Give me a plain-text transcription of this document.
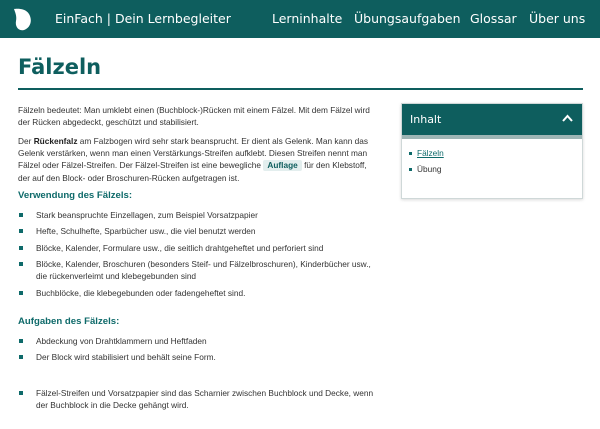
EinFach | Dein Lernbegleiter	Lerninhalte Übungsaufgaben Glossar Über uns
Fälzeln

Fälzeln bedeutet: Man umklebt einen (Buchblock-)Rücken mit einem Fälzel. Mit dem Fälzel wird der Rücken abgedeckt, geschützt und stabilisiert.

Der Rückenfalz am Falzbogen wird sehr stark beansprucht. Er dient als Gelenk. Man kann das Gelenk verstärken, wenn man einen Verstärkungs-Streifen aufklebt. Diesen Streifen nennt man Fälzel oder Fälzel-Streifen. Der Fälzel-Streifen ist eine bewegliche Auflage für den Klebstoff, der auf den Block- oder Broschuren-Rücken aufgetragen ist.

Verwendung des Fälzels:
Stark beanspruchte Einzellagen, zum Beispiel Vorsatzpapier
Hefte, Schulhefte, Sparbücher usw., die viel benutzt werden
Blöcke, Kalender, Formulare usw., die seitlich drahtgeheftet und perforiert sind
Blöcke, Kalender, Broschuren (besonders Steif- und Fälzelbroschuren), Kinderbücher usw., die rückenverleimt und klebegebunden sind
Buchblöcke, die klebegebunden oder fadengeheftet sind.
Aufgaben des Fälzels:
Abdeckung von Drahtklammern und Heftfaden
Der Block wird stabilisiert und behält seine Form.
Fälzel-Streifen und Vorsatzpapier sind das Scharnier zwischen Buchblock und Decke, wenn der Buchblock in die Decke gehängt wird.
Inhalt
Fälzeln
Übung
